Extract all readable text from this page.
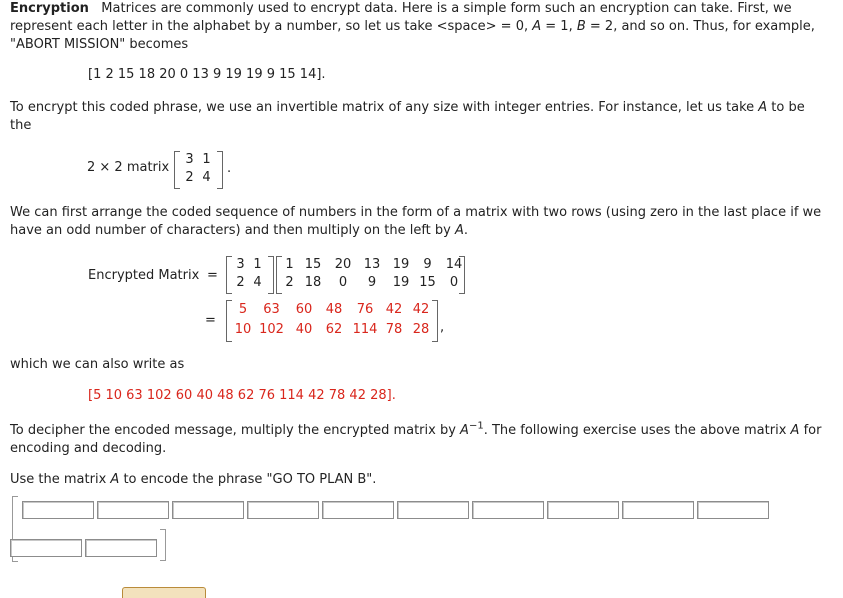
Encryption Matrices are commonly used to encrypt data. Here is a simple form such an encryption can take. First, we
represent each letter in the alphabet by a number, so let us take <space> = 0, A = 1, B = 2, and so on. Thus, for example,
"ABORT MISSION" becomes
[1 2 15 18 20 0 13 9 19 19 9 15 14].
To encrypt this coded phrase, we use an invertible matrix of any size with integer entries. For instance, let us take A to be
the
2 × 2 matrix
3 1
2 4
.
We can first arrange the coded sequence of numbers in the form of a matrix with two rows (using zero in the last place if we
have an odd number of characters) and then multiply on the left by A.
Encrypted Matrix =
3 1
2 4
1 15	20 13 19	9	14
2 18	0	9	19 15	0
=
5	63	60	48	76 42 42
10 102 40	62 114 78 28 ,
which we can also write as
[5 10 63 102 60 40 48 62 76 114 42 78 42 28].
To decipher the encoded message, multiply the encrypted matrix by $A^{-1}$. The following exercise uses the above matrix A for
encoding and decoding.
Use the matrix A to encode the phrase "GO TO PLAN B".
